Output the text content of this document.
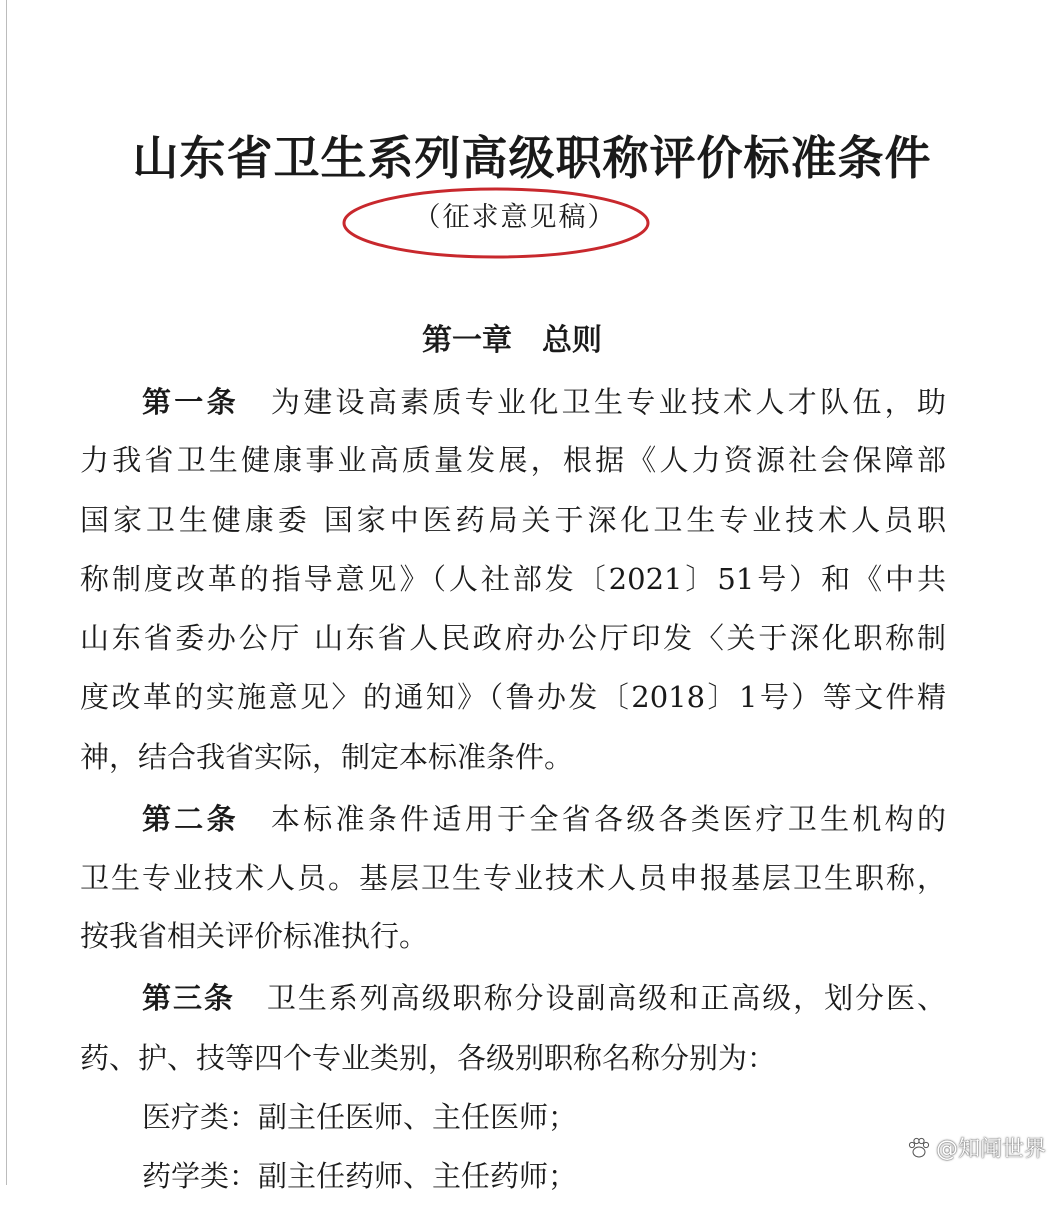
山东省卫生系列高级职称评价标准条件
（征求意见稿）
第一章　总则
第一条 为建设高素质专业化卫生专业技术人才队伍，助
力我省卫生健康事业高质量发展，根据《人力资源社会保障部
国家卫生健康委 国家中医药局关于深化卫生专业技术人员职
称制度改革的指导意见》（人社部发〔2021〕51号）和《中共
山东省委办公厅 山东省人民政府办公厅印发〈关于深化职称制
度改革的实施意见〉的通知》（鲁办发〔2018〕1号）等文件精
神，结合我省实际，制定本标准条件。
第二条 本标准条件适用于全省各级各类医疗卫生机构的
卫生专业技术人员。基层卫生专业技术人员申报基层卫生职称，
按我省相关评价标准执行。
第三条 卫生系列高级职称分设副高级和正高级，划分医、
药、护、技等四个专业类别，各级别职称名称分别为：
医疗类：副主任医师、主任医师；
药学类：副主任药师、主任药师；
@知闻世界
